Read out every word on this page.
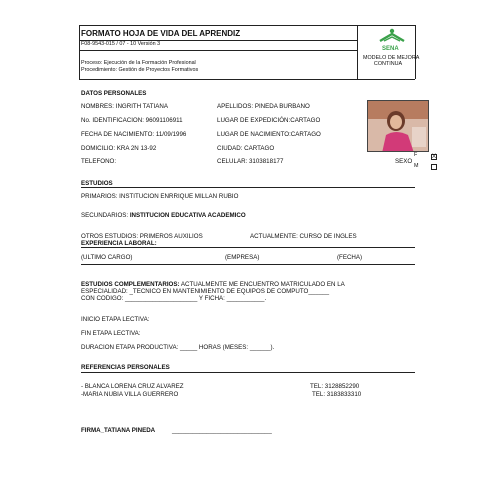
FORMATO HOJA DE VIDA DEL APRENDIZ
F08-9543-015 / 07 - 10 Versión 3
Proceso: Ejecución de la Formación Profesional
Procedimiento: Gestión de Proyectos Formativos
SENA
MODELO DE MEJORA
CONTINUA
DATOS PERSONALES
NOMBRES: INGRITH TATIANA	APELLIDOS: PINEDA BURBANO
No. IDENTIFICACION: 96091106911	LUGAR DE EXPEDICIÓN:CARTAGO
FECHA DE NACIMIENTO: 11/09/1996	LUGAR DE NACIMIENTO:CARTAGO
DOMICILIO: KRA 2N 13-92	CIUDAD: CARTAGO
TELEFONO:	CELULAR: 3103818177	SEXO
F
M
X
ESTUDIOS
PRIMARIOS: INSTITUCION ENRRIQUE MILLAN RUBIO
SECUNDARIOS: INSTITUCION EDUCATIVA ACADEMICO
OTROS ESTUDIOS: PRIMEROS AUXILIOS	ACTUALMENTE: CURSO DE INGLES
EXPERIENCIA LABORAL:
(ULTIMO CARGO)	(EMPRESA)	(FECHA)
ESTUDIOS COMPLEMENTARIOS: ACTUALMENTE ME ENCUENTRO MATRICULADO EN LA
ESPECIALIDAD: _TECNICO EN MANTENIMIENTO DE EQUIPOS DE COMPUTO______
CON CODIGO: _____________________ Y FICHA: ___________.
INICIO ETAPA LECTIVA:
FIN ETAPA LECTIVA:
DURACION ETAPA PRODUCTIVA: _____ HORAS (MESES: ______).
REFERENCIAS PERSONALES
- BLANCA LORENA CRUZ ALVAREZ	TEL: 3128852290
-MARIA NUBIA VILLA GUERRERO	TEL: 3183833310
FIRMA_TATIANA PINEDA	_____________________________
